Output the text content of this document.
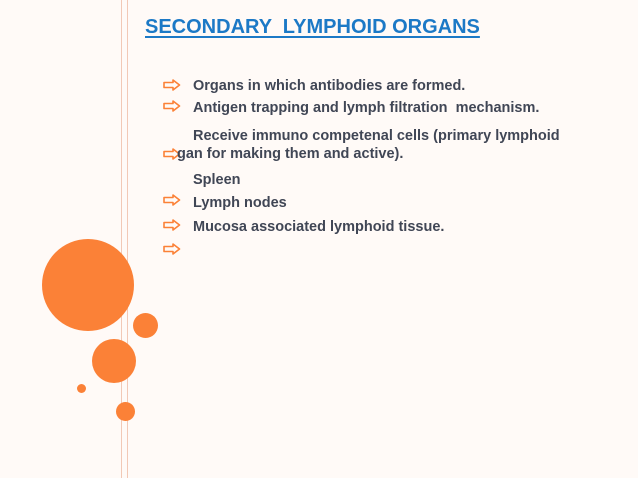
SECONDARY  LYMPHOID ORGANS
Organs in which antibodies are formed.
Antigen trapping and lymph filtration  mechanism.
Receive immuno competenal cells (primary lymphoid
gan for making them and active).
Spleen
Lymph nodes
Mucosa associated lymphoid tissue.
